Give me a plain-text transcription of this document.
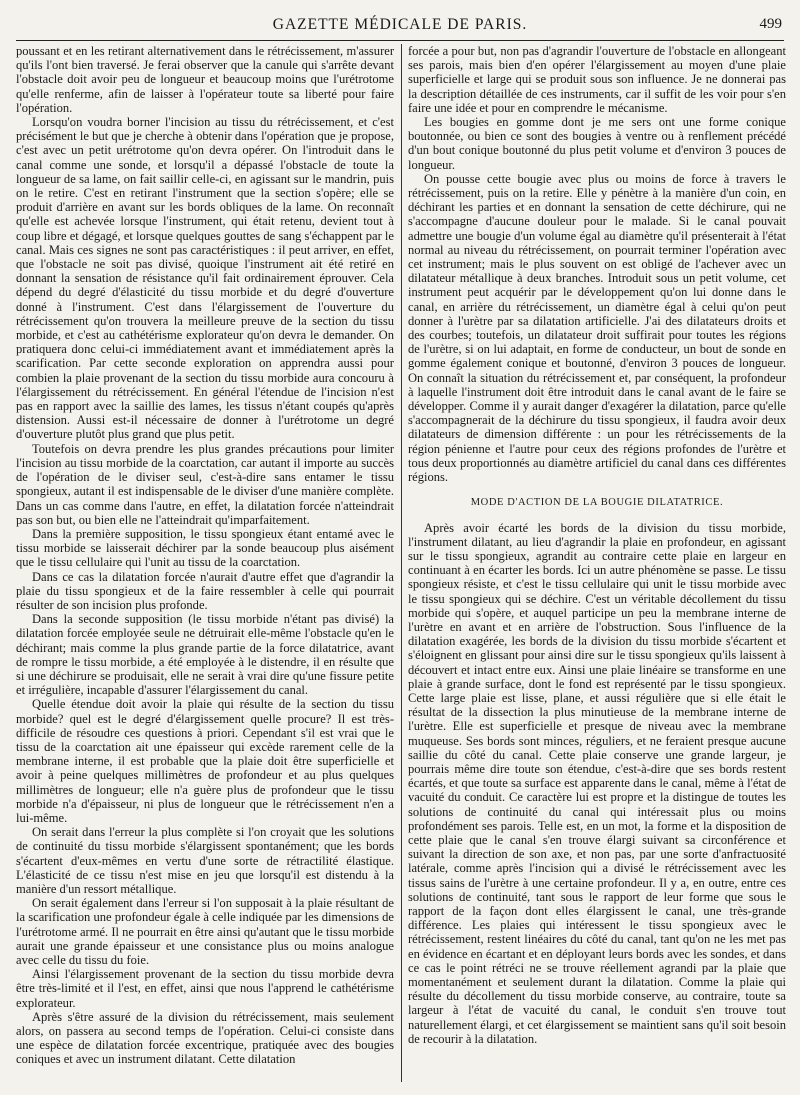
GAZETTE MÉDICALE DE PARIS.	499

poussant et en les retirant alternativement dans le rétrécissement, m'assurer qu'ils l'ont bien traversé. Je ferai observer que la canule qui s'arrête devant l'obstacle doit avoir peu de longueur et beaucoup moins que l'urétrotome qu'elle renferme, afin de laisser à l'opérateur toute sa liberté pour faire l'opération.

Lorsqu'on voudra borner l'incision au tissu du rétrécissement, et c'est précisément le but que je cherche à obtenir dans l'opération que je propose, c'est avec un petit urétrotome qu'on devra opérer. On l'introduit dans le canal comme une sonde, et lorsqu'il a dépassé l'obstacle de toute la longueur de sa lame, on fait saillir celle-ci, en agissant sur le mandrin, puis on le retire. C'est en retirant l'instrument que la section s'opère; elle se produit d'arrière en avant sur les bords obliques de la lame. On reconnaît qu'elle est achevée lorsque l'instrument, qui était retenu, devient tout à coup libre et dégagé, et lorsque quelques gouttes de sang s'échappent par le canal. Mais ces signes ne sont pas caractéristiques : il peut arriver, en effet, que l'obstacle ne soit pas divisé, quoique l'instrument ait été retiré en donnant la sensation de résistance qu'il fait ordinairement éprouver. Cela dépend du degré d'élasticité du tissu morbide et du degré d'ouverture donné à l'instrument. C'est dans l'élargissement de l'ouverture du rétrécissement qu'on trouvera la meilleure preuve de la section du tissu morbide, et c'est au cathétérisme explorateur qu'on devra le demander. On pratiquera donc celui-ci immédiatement avant et immédiatement après la scarification. Par cette seconde exploration on apprendra aussi pour combien la plaie provenant de la section du tissu morbide aura concouru à l'élargissement du rétrécissement. En général l'étendue de l'incision n'est pas en rapport avec la saillie des lames, les tissus n'étant coupés qu'après distension. Aussi est-il nécessaire de donner à l'urétrotome un degré d'ouverture plutôt plus grand que plus petit.

Toutefois on devra prendre les plus grandes précautions pour limiter l'incision au tissu morbide de la coarctation, car autant il importe au succès de l'opération de le diviser seul, c'est-à-dire sans entamer le tissu spongieux, autant il est indispensable de le diviser d'une manière complète. Dans un cas comme dans l'autre, en effet, la dilatation forcée n'atteindrait pas son but, ou bien elle ne l'atteindrait qu'imparfaitement.

Dans la première supposition, le tissu spongieux étant entamé avec le tissu morbide se laisserait déchirer par la sonde beaucoup plus aisément que le tissu cellulaire qui l'unit au tissu de la coarctation.

Dans ce cas la dilatation forcée n'aurait d'autre effet que d'agrandir la plaie du tissu spongieux et de la faire ressembler à celle qui pourrait résulter de son incision plus profonde.

Dans la seconde supposition (le tissu morbide n'étant pas divisé) la dilatation forcée employée seule ne détruirait elle-même l'obstacle qu'en le déchirant; mais comme la plus grande partie de la force dilatatrice, avant de rompre le tissu morbide, a été employée à le distendre, il en résulte que si une déchirure se produisait, elle ne serait à vrai dire qu'une fissure petite et irrégulière, incapable d'assurer l'élargissement du canal.

Quelle étendue doit avoir la plaie qui résulte de la section du tissu morbide? quel est le degré d'élargissement quelle procure? Il est très-difficile de résoudre ces questions à priori. Cependant s'il est vrai que le tissu de la coarctation ait une épaisseur qui excède rarement celle de la membrane interne, il est probable que la plaie doit être superficielle et avoir à peine quelques millimètres de profondeur et au plus quelques millimètres de longueur; elle n'a guère plus de profondeur que le tissu morbide n'a d'épaisseur, ni plus de longueur que le rétrécissement n'en a lui-même.

On serait dans l'erreur la plus complète si l'on croyait que les solutions de continuité du tissu morbide s'élargissent spontanément; que les bords s'écartent d'eux-mêmes en vertu d'une sorte de rétractilité élastique. L'élasticité de ce tissu n'est mise en jeu que lorsqu'il est distendu à la manière d'un ressort métallique.

On serait également dans l'erreur si l'on supposait à la plaie résultant de la scarification une profondeur égale à celle indiquée par les dimensions de l'urétrotome armé. Il ne pourrait en être ainsi qu'autant que le tissu morbide aurait une grande épaisseur et une consistance plus ou moins analogue avec celle du tissu du foie.

Ainsi l'élargissement provenant de la section du tissu morbide devra être très-limité et il l'est, en effet, ainsi que nous l'apprend le cathétérisme explorateur.

Après s'être assuré de la division du rétrécissement, mais seulement alors, on passera au second temps de l'opération. Celui-ci consiste dans une espèce de dilatation forcée excentrique, pratiquée avec des bougies coniques et avec un instrument dilatant. Cette dilatation

forcée a pour but, non pas d'agrandir l'ouverture de l'obstacle en allongeant ses parois, mais bien d'en opérer l'élargissement au moyen d'une plaie superficielle et large qui se produit sous son influence. Je ne donnerai pas la description détaillée de ces instruments, car il suffit de les voir pour s'en faire une idée et pour en comprendre le mécanisme.

Les bougies en gomme dont je me sers ont une forme conique boutonnée, ou bien ce sont des bougies à ventre ou à renflement précédé d'un bout conique boutonné du plus petit volume et d'environ 3 pouces de longueur.

On pousse cette bougie avec plus ou moins de force à travers le rétrécissement, puis on la retire. Elle y pénètre à la manière d'un coin, en déchirant les parties et en donnant la sensation de cette déchirure, qui ne s'accompagne d'aucune douleur pour le malade. Si le canal pouvait admettre une bougie d'un volume égal au diamètre qu'il présenterait à l'état normal au niveau du rétrécissement, on pourrait terminer l'opération avec cet instrument; mais le plus souvent on est obligé de l'achever avec un dilatateur métallique à deux branches. Introduit sous un petit volume, cet instrument peut acquérir par le développement qu'on lui donne dans le canal, en arrière du rétrécissement, un diamètre égal à celui qu'on peut donner à l'urètre par sa dilatation artificielle. J'ai des dilatateurs droits et des courbes; toutefois, un dilatateur droit suffirait pour toutes les régions de l'urètre, si on lui adaptait, en forme de conducteur, un bout de sonde en gomme également conique et boutonné, d'environ 3 pouces de longueur. On connaît la situation du rétrécissement et, par conséquent, la profondeur à laquelle l'instrument doit être introduit dans le canal avant de le faire se développer. Comme il y aurait danger d'exagérer la dilatation, parce qu'elle s'accompagnerait de la déchirure du tissu spongieux, il faudra avoir deux dilatateurs de dimension différente : un pour les rétrécissements de la région pénienne et l'autre pour ceux des régions profondes de l'urètre et tous deux proportionnés au diamètre artificiel du canal dans ces différentes régions.

MODE D'ACTION DE LA BOUGIE DILATATRICE.

Après avoir écarté les bords de la division du tissu morbide, l'instrument dilatant, au lieu d'agrandir la plaie en profondeur, en agissant sur le tissu spongieux, agrandit au contraire cette plaie en largeur en continuant à en écarter les bords. Ici un autre phénomène se passe. Le tissu spongieux résiste, et c'est le tissu cellulaire qui unit le tissu morbide avec le tissu spongieux qui se déchire. C'est un véritable décollement du tissu morbide qui s'opère, et auquel participe un peu la membrane interne de l'urètre en avant et en arrière de l'obstruction. Sous l'influence de la dilatation exagérée, les bords de la division du tissu morbide s'écartent et s'éloignent en glissant pour ainsi dire sur le tissu spongieux qu'ils laissent à découvert et intact entre eux. Ainsi une plaie linéaire se transforme en une plaie à grande surface, dont le fond est représenté par le tissu spongieux. Cette large plaie est lisse, plane, et aussi régulière que si elle était le résultat de la dissection la plus minutieuse de la membrane interne de l'urètre. Elle est superficielle et presque de niveau avec la membrane muqueuse. Ses bords sont minces, réguliers, et ne feraient presque aucune saillie du côté du canal. Cette plaie conserve une grande largeur, je pourrais même dire toute son étendue, c'est-à-dire que ses bords restent écartés, et que toute sa surface est apparente dans le canal, même à l'état de vacuité du conduit. Ce caractère lui est propre et la distingue de toutes les solutions de continuité du canal qui intéressait plus ou moins profondément ses parois. Telle est, en un mot, la forme et la disposition de cette plaie que le canal s'en trouve élargi suivant sa circonférence et suivant la direction de son axe, et non pas, par une sorte d'anfractuosité latérale, comme après l'incision qui a divisé le rétrécissement avec les tissus sains de l'urètre à une certaine profondeur. Il y a, en outre, entre ces solutions de continuité, tant sous le rapport de leur forme que sous le rapport de la façon dont elles élargissent le canal, une très-grande différence. Les plaies qui intéressent le tissu spongieux avec le rétrécissement, restent linéaires du côté du canal, tant qu'on ne les met pas en évidence en écartant et en déployant leurs bords avec les sondes, et dans ce cas le point rétréci ne se trouve réellement agrandi par la plaie que momentanément et seulement durant la dilatation. Comme la plaie qui résulte du décollement du tissu morbide conserve, au contraire, toute sa largeur à l'état de vacuité du canal, le conduit s'en trouve tout naturellement élargi, et cet élargissement se maintient sans qu'il soit besoin de recourir à la dilatation.
